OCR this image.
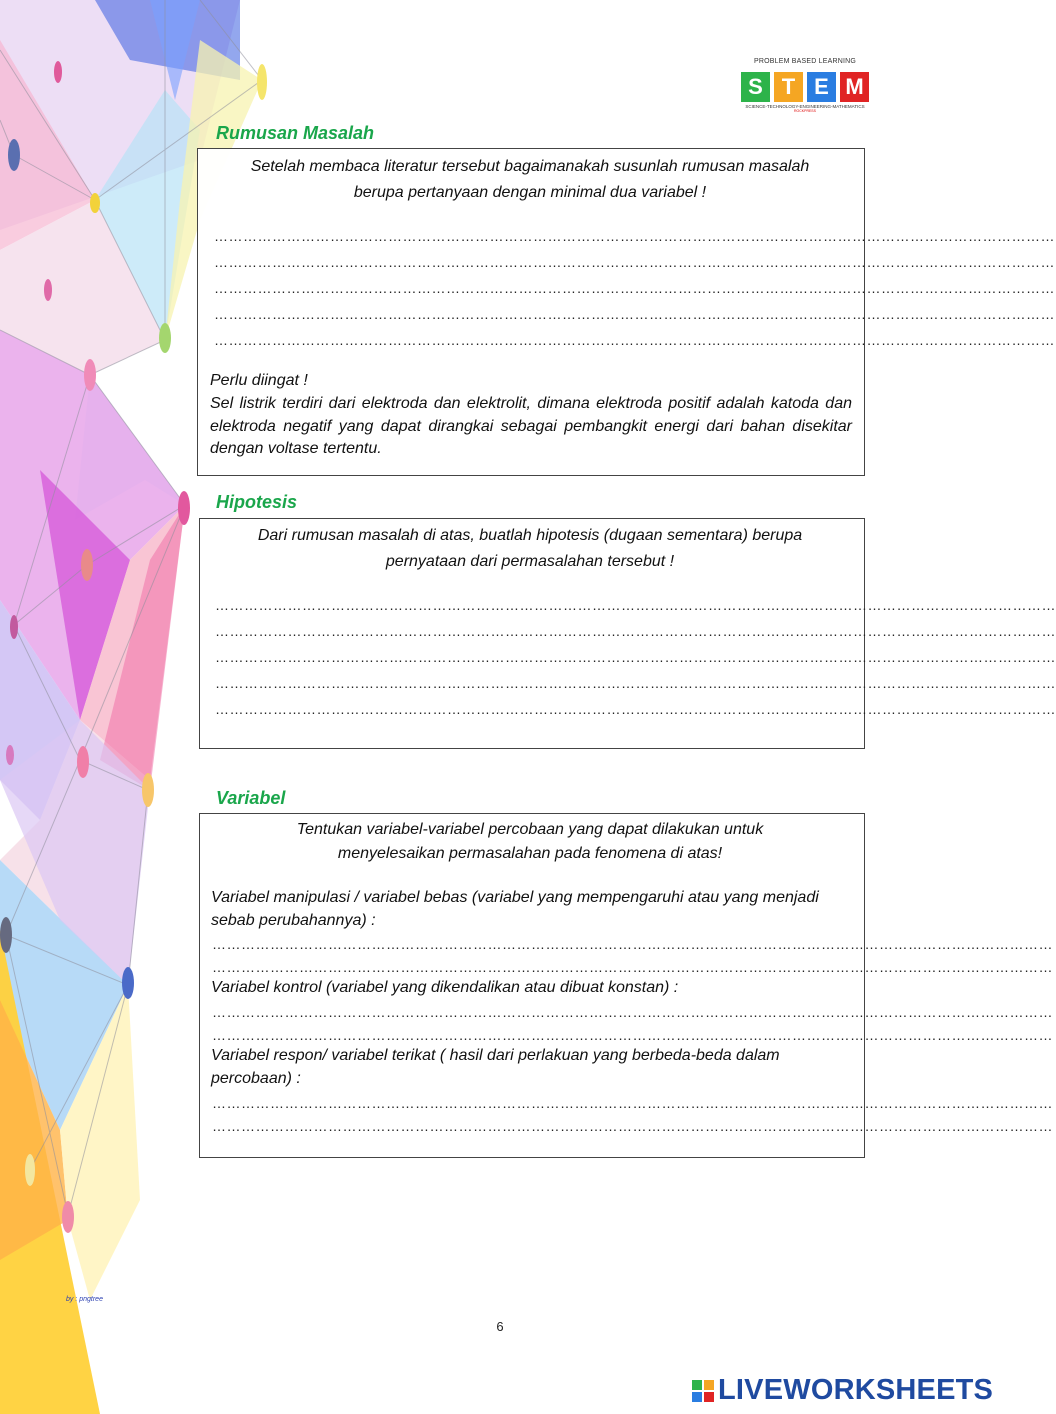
PROBLEM BASED LEARNING
S T E M
SCIENCE-TECHNOLOGY-ENGINEERING-MATHEMATICS
ROCKPRESS
Rumusan Masalah
Setelah membaca literatur tersebut bagaimanakah susunlah rumusan masalah
berupa pertanyaan dengan minimal dua variabel !
…………………………………………………………………………………………………………………………………………………………
…………………………………………………………………………………………………………………………………………………………
…………………………………………………………………………………………………………………………………………………………
…………………………………………………………………………………………………………………………………………………………
…………………………………………………………………………………………………………………………………………………………
Perlu diingat !
Sel listrik terdiri dari elektroda dan elektrolit, dimana elektroda positif adalah katoda dan elektroda negatif yang dapat dirangkai sebagai pembangkit energi dari bahan disekitar dengan voltase tertentu.
Hipotesis
Dari rumusan masalah di atas, buatlah hipotesis (dugaan sementara) berupa
pernyataan dari permasalahan tersebut !
…………………………………………………………………………………………………………………………………………………………
…………………………………………………………………………………………………………………………………………………………
…………………………………………………………………………………………………………………………………………………………
…………………………………………………………………………………………………………………………………………………………
…………………………………………………………………………………………………………………………………………………………
Variabel
Tentukan variabel-variabel percobaan yang dapat dilakukan untuk
menyelesaikan permasalahan pada fenomena di atas!
Variabel manipulasi / variabel bebas (variabel yang mempengaruhi atau yang menjadi sebab perubahannya) :
…………………………………………………………………………………………………………………………………………………………
…………………………………………………………………………………………………………………………………………………………
Variabel kontrol (variabel yang dikendalikan atau dibuat konstan) :
…………………………………………………………………………………………………………………………………………………………
…………………………………………………………………………………………………………………………………………………………
Variabel respon/ variabel terikat ( hasil dari perlakuan yang berbeda-beda dalam percobaan) :
…………………………………………………………………………………………………………………………………………………………
…………………………………………………………………………………………………………………………………………………………
by : pngtree
6
LIVEWORKSHEETS
